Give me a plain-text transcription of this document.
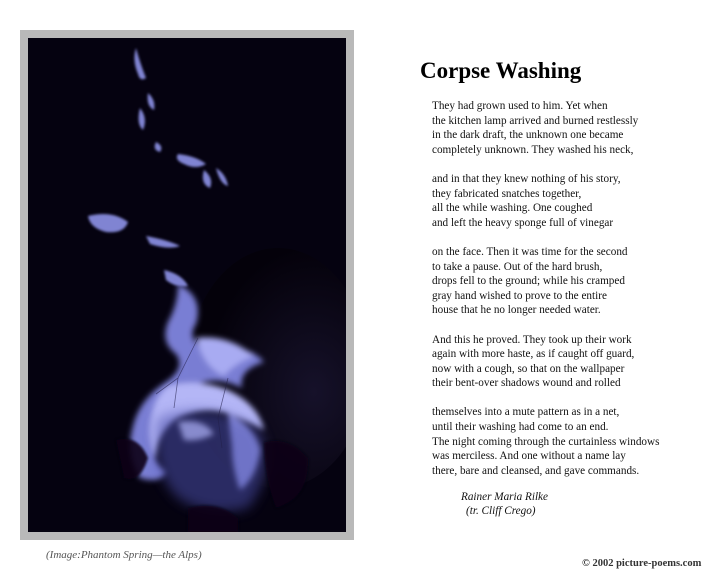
(Image:Phantom Spring—the Alps)
Corpse Washing
They had grown used to him. Yet when
the kitchen lamp arrived and burned restlessly
in the dark draft, the unknown one became
completely unknown. They washed his neck,
and in that they knew nothing of his story,
they fabricated snatches together,
all the while washing. One coughed
and left the heavy sponge full of vinegar
on the face. Then it was time for the second
to take a pause. Out of the hard brush,
drops fell to the ground; while his cramped
gray hand wished to prove to the entire
house that he no longer needed water.
And this he proved. They took up their work
again with more haste, as if caught off guard,
now with a cough, so that on the wallpaper
their bent-over shadows wound and rolled
themselves into a mute pattern as in a net,
until their washing had come to an end.
The night coming through the curtainless windows
was merciless. And one without a name lay
there, bare and cleansed, and gave commands.
Rainer Maria Rilke
(tr. Cliff Crego)
© 2002 picture-poems.com
